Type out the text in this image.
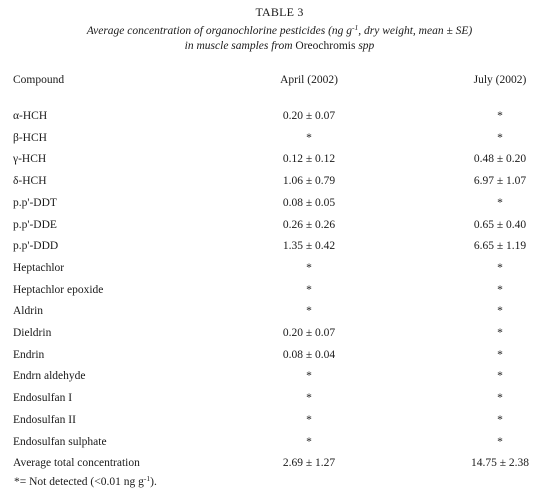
TABLE 3
Average concentration of organochlorine pesticides (ng $g^{-1}$, dry weight, mean ± SE)
in muscle samples from Oreochromis spp
Compound	April (2002)	July (2002)
α-HCH	0.20 ± 0.07	*
β-HCH	*	*
γ-HCH	0.12 ± 0.12	0.48 ± 0.20
δ-HCH	1.06 ± 0.79	6.97 ± 1.07
p.p'-DDT	0.08 ± 0.05	*
p.p'-DDE	0.26 ± 0.26	0.65 ± 0.40
p.p'-DDD	1.35 ± 0.42	6.65 ± 1.19
Heptachlor	*	*
Heptachlor epoxide	*	*
Aldrin	*	*
Dieldrin	0.20 ± 0.07	*
Endrin	0.08 ± 0.04	*
Endrn aldehyde	*	*
Endosulfan I	*	*
Endosulfan II	*	*
Endosulfan sulphate	*	*
Average total concentration	2.69 ± 1.27	14.75 ± 2.38
*= Not detected (<0.01 ng $g^{-1}$).
